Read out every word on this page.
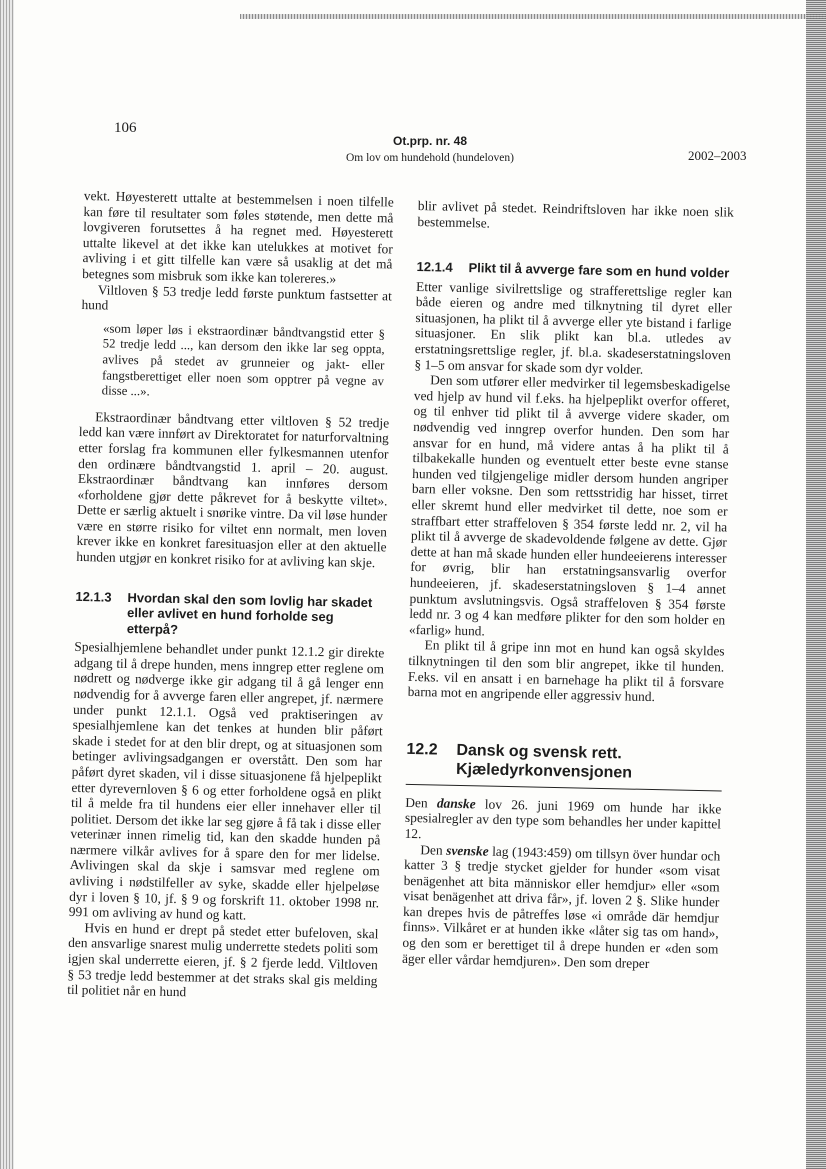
106
Ot.prp. nr. 48
Om lov om hundehold (hundeloven)	2002–2003

vekt. Høyesterett uttalte at bestemmelsen i noen tilfelle kan føre til resultater som føles støtende, men dette må lovgiveren forutsettes å ha regnet med. Høyesterett uttalte likevel at det ikke kan utelukkes at motivet for avliving i et gitt tilfelle kan være så usaklig at det må betegnes som misbruk som ikke kan tolereres.»

Viltloven § 53 tredje ledd første punktum fastsetter at hund

«som løper løs i ekstraordinær båndtvangstid etter § 52 tredje ledd ..., kan dersom den ikke lar seg oppta, avlives på stedet av grunneier og jakt- eller fangstberettiget eller noen som opptrer på vegne av disse ...».

Ekstraordinær båndtvang etter viltloven § 52 tredje ledd kan være innført av Direktoratet for naturforvaltning etter forslag fra kommunen eller fylkesmannen utenfor den ordinære båndtvangstid 1. april – 20. august. Ekstraordinær båndtvang kan innføres dersom «forholdene gjør dette påkrevet for å beskytte viltet». Dette er særlig aktuelt i snørike vintre. Da vil løse hunder være en større risiko for viltet enn normalt, men loven krever ikke en konkret faresituasjon eller at den aktuelle hunden utgjør en konkret risiko for at avliving kan skje.

12.1.3	Hvordan skal den som lovlig har skadet eller avlivet en hund forholde seg etterpå?

Spesialhjemlene behandlet under punkt 12.1.2 gir direkte adgang til å drepe hunden, mens inngrep etter reglene om nødrett og nødverge ikke gir adgang til å gå lenger enn nødvendig for å avverge faren eller angrepet, jf. nærmere under punkt 12.1.1. Også ved praktiseringen av spesialhjemlene kan det tenkes at hunden blir påført skade i stedet for at den blir drept, og at situasjonen som betinger avlivingsadgangen er overstått. Den som har påført dyret skaden, vil i disse situasjonene få hjelpeplikt etter dyrevernloven § 6 og etter forholdene også en plikt til å melde fra til hundens eier eller innehaver eller til politiet. Dersom det ikke lar seg gjøre å få tak i disse eller veterinær innen rimelig tid, kan den skadde hunden på nærmere vilkår avlives for å spare den for mer lidelse. Avlivingen skal da skje i samsvar med reglene om avliving i nødstilfeller av syke, skadde eller hjelpeløse dyr i loven § 10, jf. § 9 og forskrift 11. oktober 1998 nr. 991 om avliving av hund og katt.

Hvis en hund er drept på stedet etter bufeloven, skal den ansvarlige snarest mulig underrette stedets politi som igjen skal underrette eieren, jf. § 2 fjerde ledd. Viltloven § 53 tredje ledd bestemmer at det straks skal gis melding til politiet når en hund

blir avlivet på stedet. Reindriftsloven har ikke noen slik bestemmelse.

12.1.4	Plikt til å avverge fare som en hund volder

Etter vanlige sivilrettslige og strafferettslige regler kan både eieren og andre med tilknytning til dyret eller situasjonen, ha plikt til å avverge eller yte bistand i farlige situasjoner. En slik plikt kan bl.a. utledes av erstatningsrettslige regler, jf. bl.a. skadeserstatningsloven § 1–5 om ansvar for skade som dyr volder.

Den som utfører eller medvirker til legemsbeskadigelse ved hjelp av hund vil f.eks. ha hjelpeplikt overfor offeret, og til enhver tid plikt til å avverge videre skader, om nødvendig ved inngrep overfor hunden. Den som har ansvar for en hund, må videre antas å ha plikt til å tilbakekalle hunden og eventuelt etter beste evne stanse hunden ved tilgjengelige midler dersom hunden angriper barn eller voksne. Den som rettsstridig har hisset, tirret eller skremt hund eller medvirket til dette, noe som er straffbart etter straffeloven § 354 første ledd nr. 2, vil ha plikt til å avverge de skadevoldende følgene av dette. Gjør dette at han må skade hunden eller hundeeierens interesser for øvrig, blir han erstatningsansvarlig overfor hundeeieren, jf. skadeserstatningsloven § 1–4 annet punktum avslutningsvis. Også straffeloven § 354 første ledd nr. 3 og 4 kan medføre plikter for den som holder en «farlig» hund.

En plikt til å gripe inn mot en hund kan også skyldes tilknytningen til den som blir angrepet, ikke til hunden. F.eks. vil en ansatt i en barnehage ha plikt til å forsvare barna mot en angripende eller aggressiv hund.

12.2	Dansk og svensk rett. Kjæledyrkonvensjonen

Den danske lov 26. juni 1969 om hunde har ikke spesialregler av den type som behandles her under kapittel 12.

Den svenske lag (1943:459) om tillsyn över hundar och katter 3 § tredje stycket gjelder for hunder «som visat benägenhet att bita människor eller hemdjur» eller «som visat benägenhet att driva får», jf. loven 2 §. Slike hunder kan drepes hvis de påtreffes løse «i område där hemdjur finns». Vilkåret er at hunden ikke «låter sig tas om hand», og den som er berettiget til å drepe hunden er «den som äger eller vårdar hemdjuren». Den som dreper
